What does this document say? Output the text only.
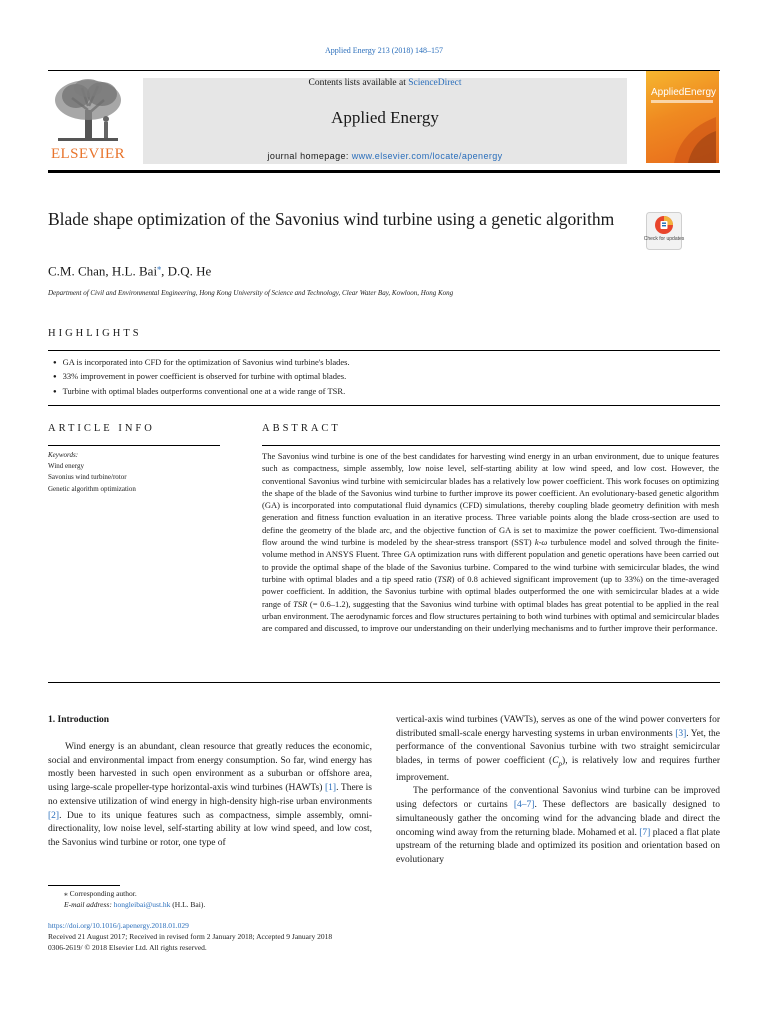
Applied Energy 213 (2018) 148–157
ELSEVIER
Contents lists available at ScienceDirect
Applied Energy
journal homepage: www.elsevier.com/locate/apenergy
AppliedEnergy
Blade shape optimization of the Savonius wind turbine using a genetic algorithm
Check for updates
C.M. Chan, H.L. Bai⁎, D.Q. He
Department of Civil and Environmental Engineering, Hong Kong University of Science and Technology, Clear Water Bay, Kowloon, Hong Kong
HIGHLIGHTS
● GA is incorporated into CFD for the optimization of Savonius wind turbine's blades.
● 33% improvement in power coefficient is observed for turbine with optimal blades.
● Turbine with optimal blades outperforms conventional one at a wide range of TSR.
ARTICLE INFO	ABSTRACT
Keywords:
Wind energy
Savonius wind turbine/rotor
Genetic algorithm optimization
The Savonius wind turbine is one of the best candidates for harvesting wind energy in an urban environment, due to unique features such as compactness, simple assembly, low noise level, self-starting ability at low wind speed, and low cost. However, the conventional Savonius wind turbine with semicircular blades has a relatively low power coefficient. This work focuses on optimizing the shape of the blade of the Savonius wind turbine to further improve its power coefficient. An evolutionary-based genetic algorithm (GA) is incorporated into computational fluid dynamics (CFD) simulations, thereby coupling blade geometry definition with mesh generation and fitness function evaluation in an iterative process. Three variable points along the blade cross-section are used to define the geometry of the blade arc, and the objective function of GA is set to maximize the power coefficient. Two-dimensional flow around the wind turbine is modeled by the shear-stress transport (SST) k-ω turbulence model and solved through the finite-volume method in ANSYS Fluent. Three GA optimization runs with different population and genetic operations have been carried out to provide the optimal shape of the blade of the Savonius turbine. Compared to the wind turbine with semicircular blades, the wind turbine with optimal blades and a tip speed ratio (TSR) of 0.8 achieved significant improvement (up to 33%) on the time-averaged power coefficient. In addition, the Savonius turbine with optimal blades outperformed the one with semicircular blades at a wide range of TSR (= 0.6–1.2), suggesting that the Savonius wind turbine with optimal blades has great potential to be applied in the real urban environment. The aerodynamic forces and flow structures pertaining to both wind turbines with optimal and semicircular blades are compared and discussed, to improve our understanding on their underlying mechanisms and to further improve their performance.
1. Introduction

Wind energy is an abundant, clean resource that greatly reduces the economic, social and environmental impact from energy consumption. So far, wind energy has mostly been harvested in such open environment as a suburban or offshore area, using large-scale propeller-type horizontal-axis wind turbines (HAWTs) [1]. There is no extensive utilization of wind energy in high-density high-rise urban environments [2]. Due to its unique features such as compactness, simple assembly, omni-directionality, low noise level, self-starting ability at low wind speed, and low cost, the Savonius wind turbine or rotor, one type of

vertical-axis wind turbines (VAWTs), serves as one of the wind power converters for distributed small-scale energy harvesting systems in urban environments [3]. Yet, the performance of the conventional Savonius turbine with two straight semicircular blades, in terms of power coefficient $(C_p)$, is relatively low and requires further improvement.

The performance of the conventional Savonius wind turbine can be improved using defectors or curtains [4–7]. These deflectors are basically designed to simultaneously gather the oncoming wind for the advancing blade and direct the oncoming wind away from the returning blade. Mohamed et al. [7] placed a flat plate upstream of the returning blade and optimized its position and orientation based on evolutionary

⁎ Corresponding author.
E-mail address: hongleibai@ust.hk (H.L. Bai).
https://doi.org/10.1016/j.apenergy.2018.01.029
Received 21 August 2017; Received in revised form 2 January 2018; Accepted 9 January 2018
0306-2619/ © 2018 Elsevier Ltd. All rights reserved.
